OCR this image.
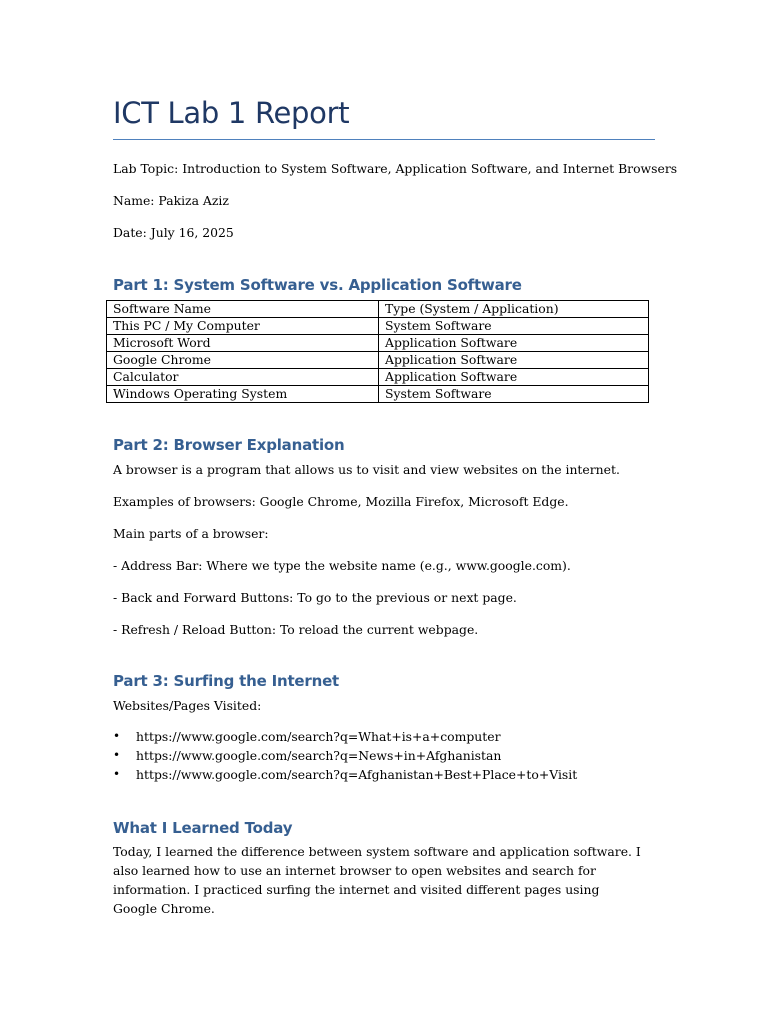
ICT Lab 1 Report

Lab Topic: Introduction to System Software, Application Software, and Internet Browsers

Name: Pakiza Aziz

Date: July 16, 2025

Part 1: System Software vs. Application Software
Software Name	Type (System / Application)
This PC / My Computer	System Software
Microsoft Word	Application Software
Google Chrome	Application Software
Calculator	Application Software
Windows Operating System	System Software
Part 2: Browser Explanation

A browser is a program that allows us to visit and view websites on the internet.

Examples of browsers: Google Chrome, Mozilla Firefox, Microsoft Edge.

Main parts of a browser:

- Address Bar: Where we type the website name (e.g., www.google.com).

- Back and Forward Buttons: To go to the previous or next page.

- Refresh / Reload Button: To reload the current webpage.

Part 3: Surfing the Internet

Websites/Pages Visited:

• https://www.google.com/search?q=What+is+a+computer
• https://www.google.com/search?q=News+in+Afghanistan
• https://www.google.com/search?q=Afghanistan+Best+Place+to+Visit
What I Learned Today

Today, I learned the difference between system software and application software. I also learned how to use an internet browser to open websites and search for information. I practiced surfing the internet and visited different pages using Google Chrome.
